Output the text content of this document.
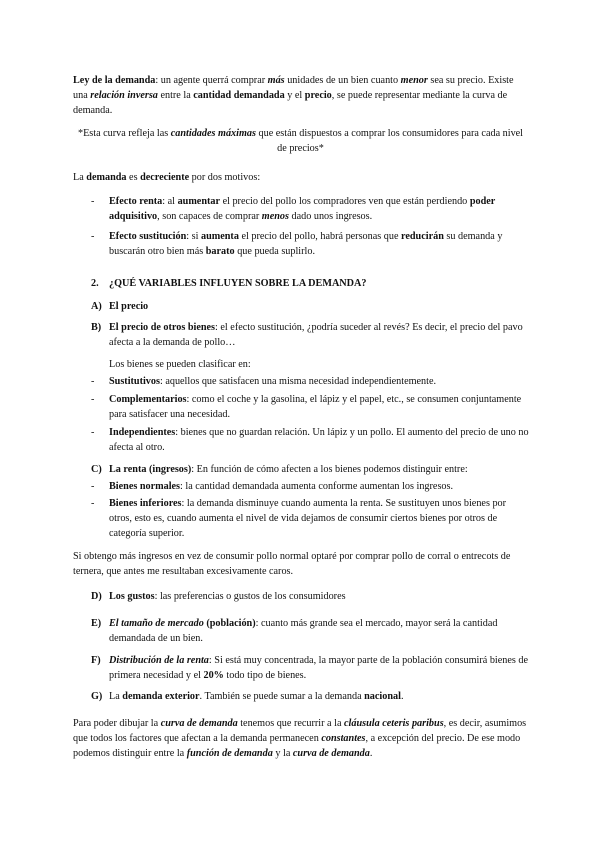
Ley de la demanda: un agente querrá comprar más unidades de un bien cuanto menor sea su precio. Existe una relación inversa entre la cantidad demandada y el precio, se puede representar mediante la curva de demanda.

*Esta curva refleja las cantidades máximas que están dispuestos a comprar los consumidores para cada nivel de precios*

La demanda es decreciente por dos motivos:

- Efecto renta: al aumentar el precio del pollo los compradores ven que están perdiendo poder adquisitivo, son capaces de comprar menos dado unos ingresos.

- Efecto sustitución: si aumenta el precio del pollo, habrá personas que reducirán su demanda y buscarán otro bien más barato que pueda suplirlo.

2. ¿QUÉ VARIABLES INFLUYEN SOBRE LA DEMANDA?
A) El precio
B) El precio de otros bienes: el efecto sustitución, ¿podría suceder al revés? Es decir, el precio del pavo afecta a la demanda de pollo…

Los bienes se pueden clasificar en:

- Sustitutivos: aquellos que satisfacen una misma necesidad independientemente.

- Complementarios: como el coche y la gasolina, el lápiz y el papel, etc., se consumen conjuntamente para satisfacer una necesidad.

- Independientes: bienes que no guardan relación. Un lápiz y un pollo. El aumento del precio de uno no afecta al otro.

C) La renta (ingresos): En función de cómo afecten a los bienes podemos distinguir entre:

- Bienes normales: la cantidad demandada aumenta conforme aumentan los ingresos.

- Bienes inferiores: la demanda disminuye cuando aumenta la renta. Se sustituyen unos bienes por otros, esto es, cuando aumenta el nivel de vida dejamos de consumir ciertos bienes por otros de categoría superior.

Si obtengo más ingresos en vez de consumir pollo normal optaré por comprar pollo de corral o entrecots de ternera, que antes me resultaban excesivamente caros.

D) Los gustos: las preferencias o gustos de los consumidores

E) El tamaño de mercado (población): cuanto más grande sea el mercado, mayor será la cantidad demandada de un bien.

F) Distribución de la renta: Si está muy concentrada, la mayor parte de la población consumirá bienes de primera necesidad y el 20% todo tipo de bienes.

G) La demanda exterior. También se puede sumar a la demanda nacional.

Para poder dibujar la curva de demanda tenemos que recurrir a la cláusula ceteris paribus, es decir, asumimos que todos los factores que afectan a la demanda permanecen constantes, a excepción del precio. De ese modo podemos distinguir entre la función de demanda y la curva de demanda.
